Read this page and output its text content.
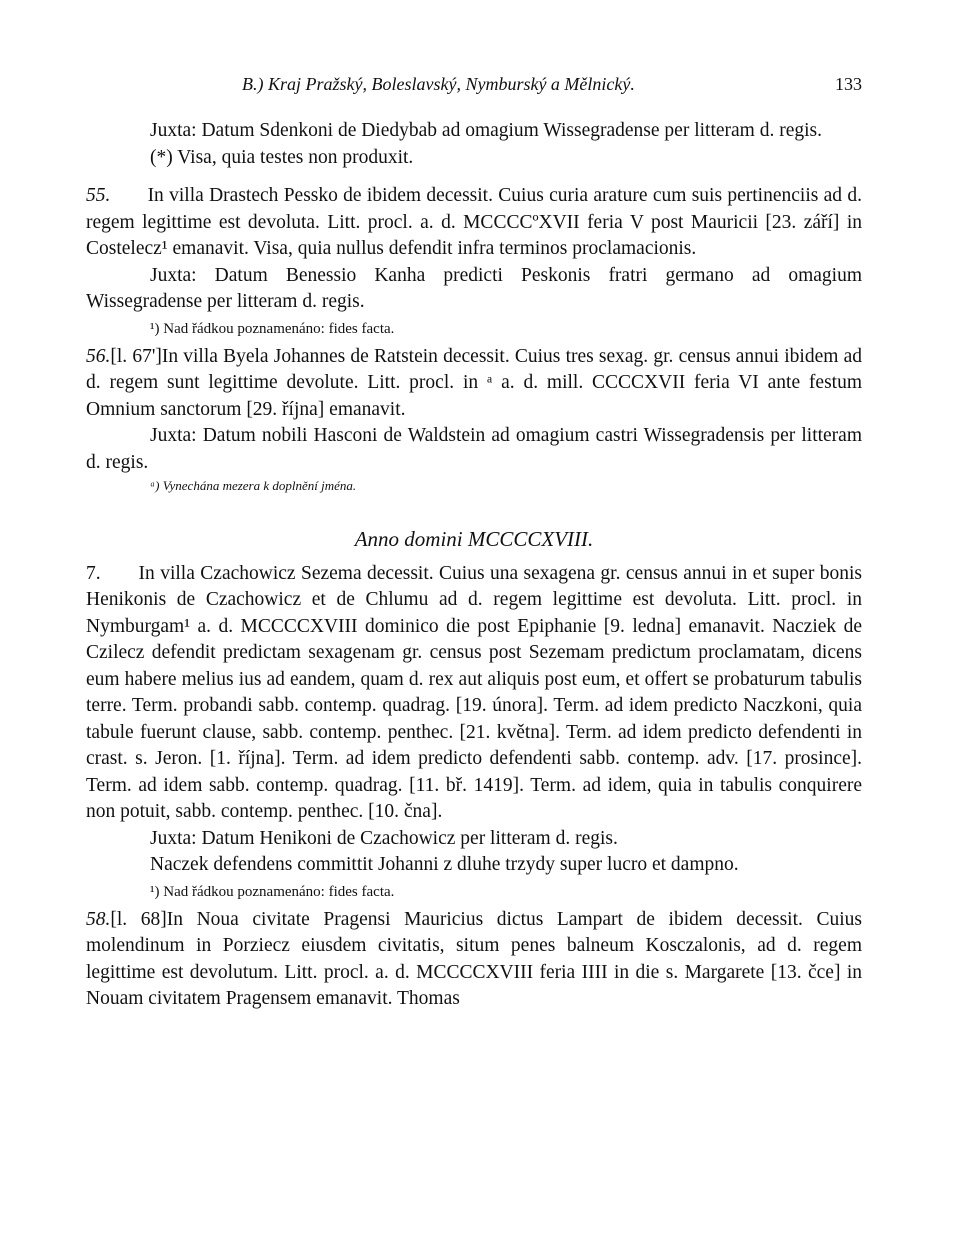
B.) Kraj Pražský, Boleslavský, Nymburský a Mělnický.	133

Juxta: Datum Sdenkoni de Diedybab ad omagium Wissegradense per litteram d. regis.

(*) Visa, quia testes non produxit.

55. In villa Drastech Pessko de ibidem decessit. Cuius curia arature cum suis pertinenciis ad d. regem legittime est devoluta. Litt. procl. a. d. MCCCCºXVII feria V post Mauricii [23. září] in Costelecz¹ emanavit. Visa, quia nullus defendit infra terminos proclamacionis.

Juxta: Datum Benessio Kanha predicti Peskonis fratri germano ad omagium Wissegradense per litteram d. regis.

¹) Nad řádkou poznamenáno: fides facta.

56.[l. 67']In villa Byela Johannes de Ratstein decessit. Cuius tres sexag. gr. census annui ibidem ad d. regem sunt legittime devolute. Litt. procl. in ᵃ a. d. mill. CCCCXVII feria VI ante festum Omnium sanctorum [29. října] emanavit.

Juxta: Datum nobili Hasconi de Waldstein ad omagium castri Wissegradensis per litteram d. regis.

ᵃ) Vynechána mezera k doplnění jména.

Anno domini MCCCCXVIII.

7. In villa Czachowicz Sezema decessit. Cuius una sexagena gr. census annui in et super bonis Henikonis de Czachowicz et de Chlumu ad d. regem legittime est devoluta. Litt. procl. in Nymburgam¹ a. d. MCCCCXVIII dominico die post Epiphanie [9. ledna] emanavit. Nacziek de Czilecz defendit predictam sexagenam gr. census post Sezemam predictum proclamatam, dicens eum habere melius ius ad eandem, quam d. rex aut aliquis post eum, et offert se probaturum tabulis terre. Term. probandi sabb. contemp. quadrag. [19. února]. Term. ad idem predicto Naczkoni, quia tabule fuerunt clause, sabb. contemp. penthec. [21. května]. Term. ad idem predicto defendenti in crast. s. Jeron. [1. října]. Term. ad idem predicto defendenti sabb. contemp. adv. [17. prosince]. Term. ad idem sabb. contemp. quadrag. [11. bř. 1419]. Term. ad idem, quia in tabulis conquirere non potuit, sabb. contemp. penthec. [10. čna].

Juxta: Datum Henikoni de Czachowicz per litteram d. regis.

Naczek defendens committit Johanni z dluhe trzydy super lucro et dampno.

¹) Nad řádkou poznamenáno: fides facta.

58.[l. 68]In Noua civitate Pragensi Mauricius dictus Lampart de ibidem decessit. Cuius molendinum in Porziecz eiusdem civitatis, situm penes balneum Kosczalonis, ad d. regem legittime est devolutum. Litt. procl. a. d. MCCCCXVIII feria IIII in die s. Margarete [13. čce] in Nouam civitatem Pragensem emanavit. Thomas
